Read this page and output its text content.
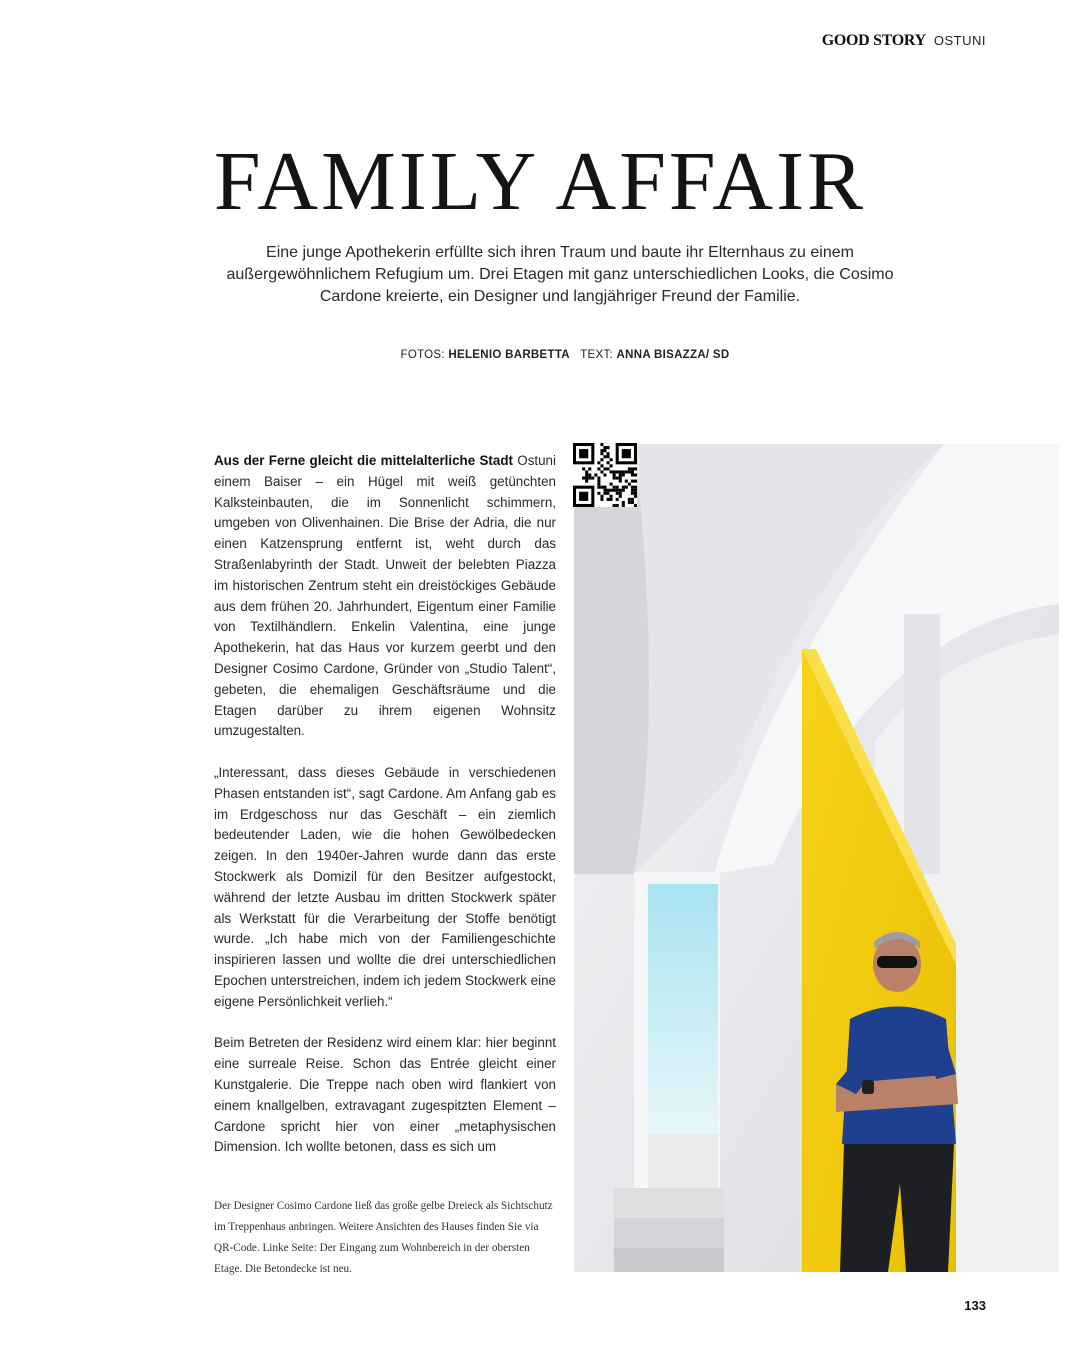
GOOD STORY OSTUNI
FAMILY AFFAIR

Eine junge Apothekerin erfüllte sich ihren Traum und baute ihr Elternhaus zu einem außergewöhnlichem Refugium um. Drei Etagen mit ganz unterschiedlichen Looks, die Cosimo Cardone kreierte, ein Designer und langjähriger Freund der Familie.

FOTOS: HELENIO BARBETTA TEXT: ANNA BISAZZA/ SD

Aus der Ferne gleicht die mittelalterliche Stadt Ostuni einem Baiser – ein Hügel mit weiß getünchten Kalksteinbauten, die im Sonnenlicht schimmern, umgeben von Olivenhainen. Die Brise der Adria, die nur einen Katzensprung entfernt ist, weht durch das Straßenlabyrinth der Stadt. Unweit der belebten Piazza im historischen Zentrum steht ein dreistöckiges Gebäude aus dem frühen 20. Jahrhundert, Eigentum einer Familie von Textilhändlern. Enkelin Valentina, eine junge Apothekerin, hat das Haus vor kurzem geerbt und den Designer Cosimo Cardone, Gründer von „Studio Talent“, gebeten, die ehemaligen Geschäftsräume und die Etagen darüber zu ihrem eigenen Wohnsitz umzugestalten.

„Interessant, dass dieses Gebäude in verschiedenen Phasen entstanden ist“, sagt Cardone. Am Anfang gab es im Erdgeschoss nur das Geschäft – ein ziemlich bedeutender Laden, wie die hohen Gewölbedecken zeigen. In den 1940er-Jahren wurde dann das erste Stockwerk als Domizil für den Besitzer aufgestockt, während der letzte Ausbau im dritten Stockwerk später als Werkstatt für die Verarbeitung der Stoffe benötigt wurde. „Ich habe mich von der Familiengeschichte inspirieren lassen und wollte die drei unterschiedlichen Epochen unterstreichen, indem ich jedem Stockwerk eine eigene Persönlichkeit verlieh.“

Beim Betreten der Residenz wird einem klar: hier beginnt eine surreale Reise. Schon das Entrée gleicht einer Kunstgalerie. Die Treppe nach oben wird flankiert von einem knallgelben, extravagant zugespitzten Element – Cardone spricht hier von einer „metaphysischen Dimension. Ich wollte betonen, dass es sich um

Der Designer Cosimo Cardone ließ das große gelbe Dreieck als Sichtschutz im Treppenhaus anbringen. Weitere Ansichten des Hauses finden Sie via QR-Code. Linke Seite: Der Eingang zum Wohnbereich in der obersten Etage. Die Betondecke ist neu.
133
